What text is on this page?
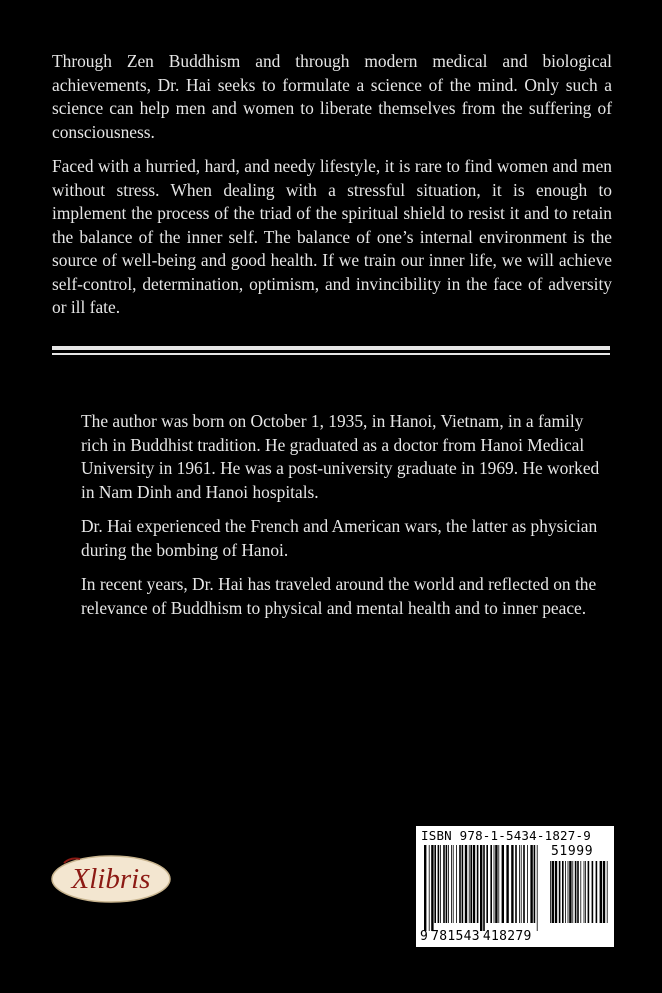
Through Zen Buddhism and through modern medical and biological achievements, Dr. Hai seeks to formulate a science of the mind. Only such a science can help men and women to liberate themselves from the suffering of consciousness.

Faced with a hurried, hard, and needy lifestyle, it is rare to find women and men without stress. When dealing with a stressful situation, it is enough to implement the process of the triad of the spiritual shield to resist it and to retain the balance of the inner self. The balance of one’s internal environment is the source of well-being and good health. If we train our inner life, we will achieve self-control, determination, optimism, and invincibility in the face of adversity or ill fate.

The author was born on October 1, 1935, in Hanoi, Vietnam, in a family rich in Buddhist tradition. He graduated as a doctor from Hanoi Medical University in 1961. He was a post-university graduate in 1969. He worked in Nam Dinh and Hanoi hospitals.

Dr. Hai experienced the French and American wars, the latter as physician during the bombing of Hanoi.

In recent years, Dr. Hai has traveled around the world and reflected on the relevance of Buddhism to physical and mental health and to inner peace.

Xlibris
ISBN 978-1-5434-1827-9
51999
9 781543 418279
